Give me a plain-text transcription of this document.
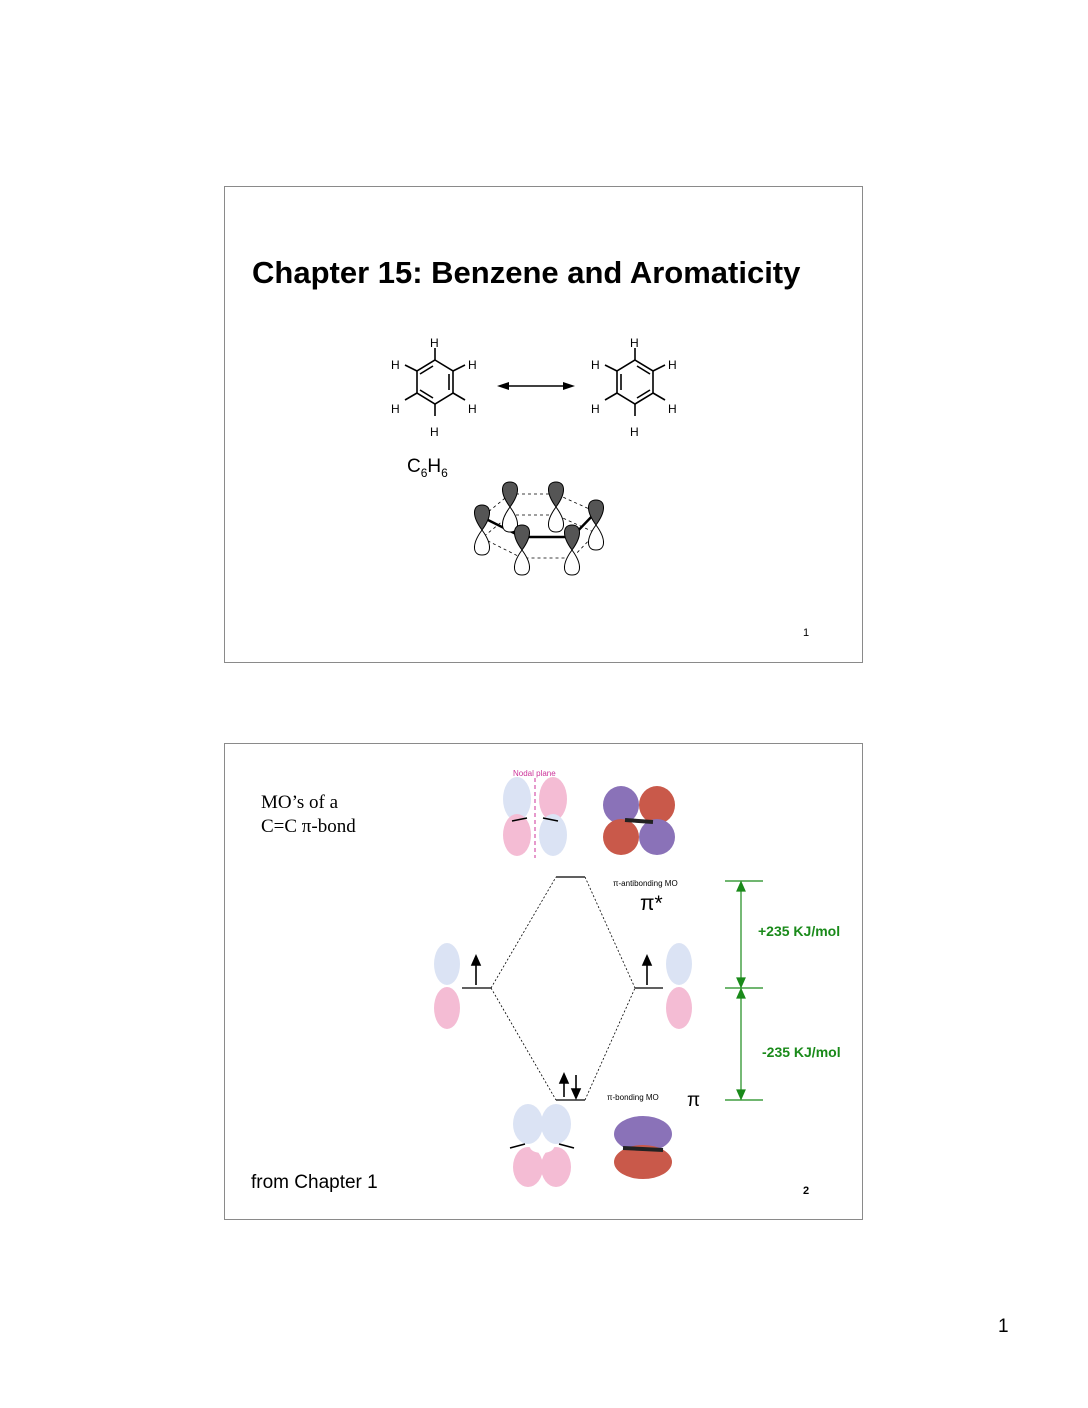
Chapter 15: Benzene and Aromaticity
H
H
H
H
H
H
H
H
H
H
H
H
$C_6H_6$
1
MO’s of a
C=C π-bond
Nodal plane
π-antibonding MO
π*
π-bonding MO π
+235 KJ/mol
-235 KJ/mol
from Chapter 1	2
1
